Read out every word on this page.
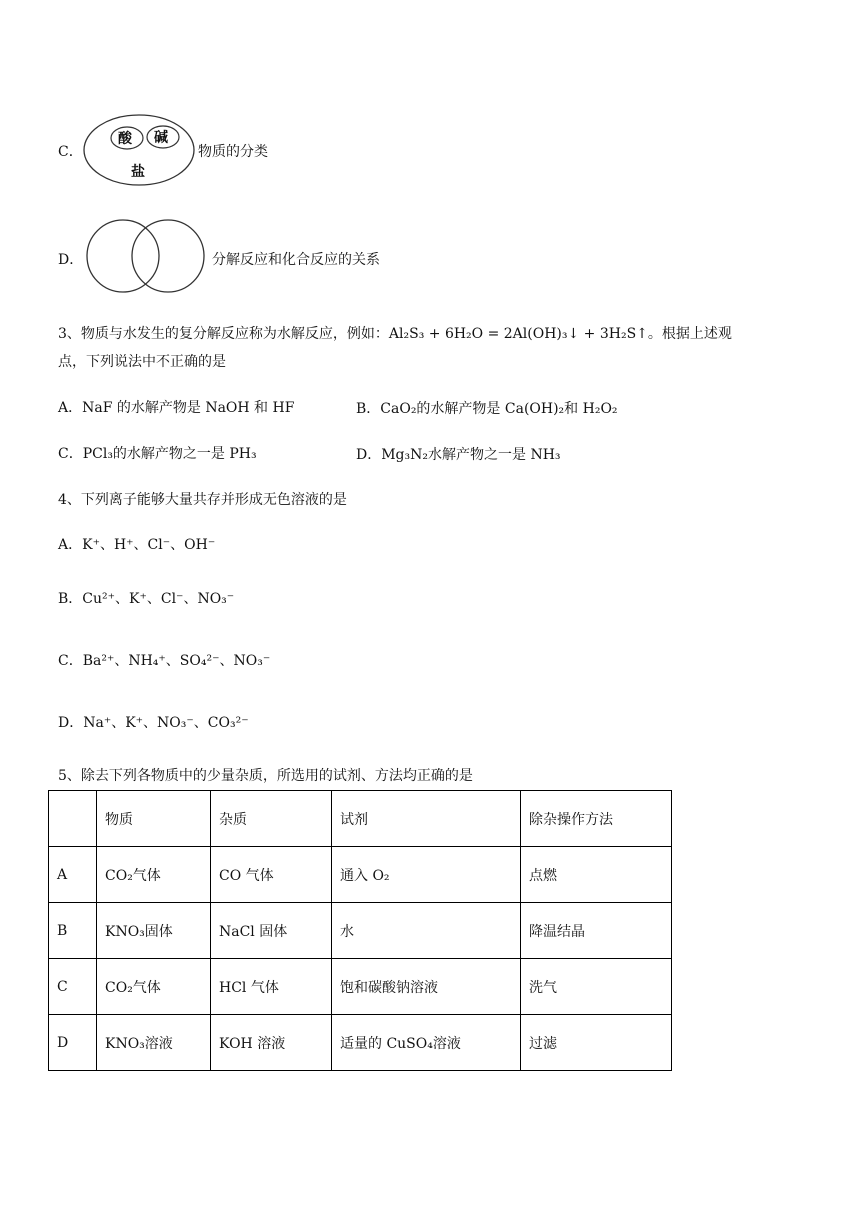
C．
酸 碱
盐
物质的分类
D．	分解反应和化合反应的关系
3、物质与水发生的复分解反应称为水解反应，例如：Al₂S₃ + 6H₂O = 2Al(OH)₃↓ + 3H₂S↑。根据上述观
点，下列说法中不正确的是
A．NaF 的水解产物是 NaOH 和 HF	B．CaO₂的水解产物是 Ca(OH)₂和 H₂O₂
C．PCl₃的水解产物之一是 PH₃	D．Mg₃N₂水解产物之一是 NH₃
4、下列离子能够大量共存并形成无色溶液的是
A．K⁺、H⁺、Cl⁻、OH⁻
B．Cu²⁺、K⁺、Cl⁻、NO₃⁻
C．Ba²⁺、NH₄⁺、SO₄²⁻、NO₃⁻
D．Na⁺、K⁺、NO₃⁻、CO₃²⁻
5、除去下列各物质中的少量杂质，所选用的试剂、方法均正确的是
	物质	杂质	试剂	除杂操作方法
A	CO₂气体	CO 气体	通入 O₂	点燃
B	KNO₃固体	NaCl 固体	水	降温结晶
C	CO₂气体	HCl 气体	饱和碳酸钠溶液	洗气
D	KNO₃溶液	KOH 溶液	适量的 CuSO₄溶液	过滤
